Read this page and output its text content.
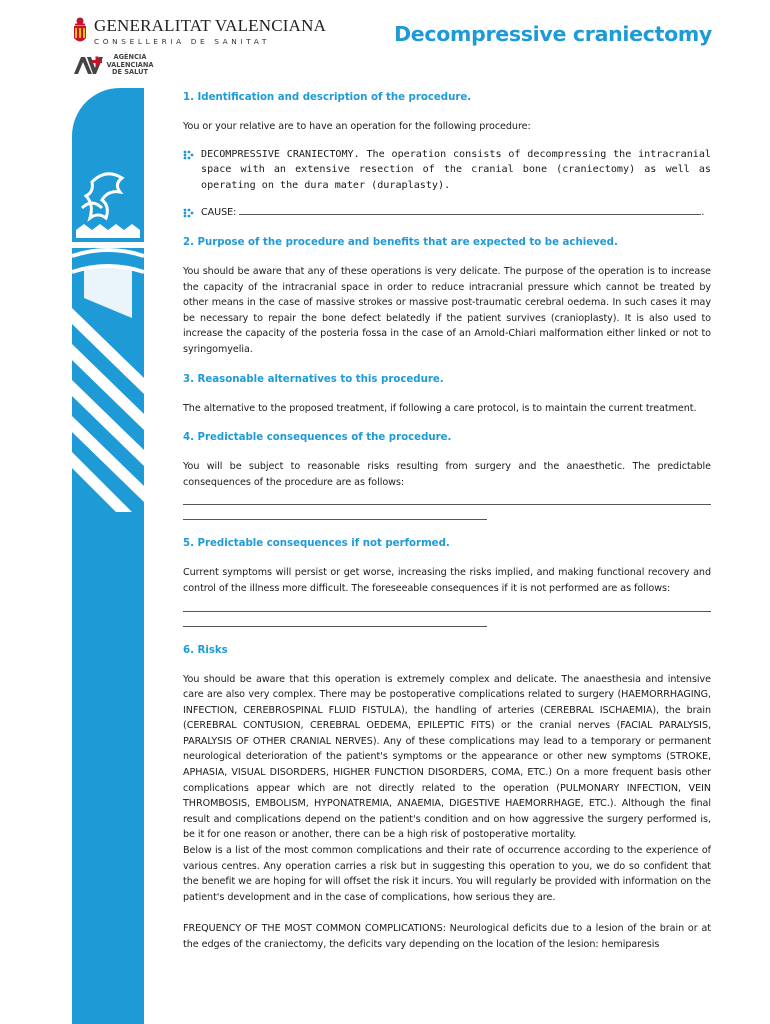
GENERALITAT VALENCIANA
CONSELLERIA DE SANITAT
AGÈNCIA
VALENCIANA
DE SALUT
Decompressive craniectomy
NEUROSURGERY
1. Identification and description of the procedure.

You or your relative are to have an operation for the following procedure:

DECOMPRESSIVE CRANIECTOMY. The operation consists of decompressing the intracranial space with an extensive resection of the cranial bone (craniectomy) as well as operating on the dura mater (duraplasty).

CAUSE:	.

2. Purpose of the procedure and benefits that are expected to be achieved.

You should be aware that any of these operations is very delicate. The purpose of the operation is to increase the capacity of the intracranial space in order to reduce intracranial pressure which cannot be treated by other means in the case of massive strokes or massive post-traumatic cerebral oedema. In such cases it may be necessary to repair the bone defect belatedly if the patient survives (cranioplasty). It is also used to increase the capacity of the posteria fossa in the case of an Arnold-Chiari malformation either linked or not to syringomyelia.

3. Reasonable alternatives to this procedure.

The alternative to the proposed treatment, if following a care protocol, is to maintain the current treatment.

4. Predictable consequences of the procedure.

You will be subject to reasonable risks resulting from surgery and the anaesthetic. The predictable consequences of the procedure are as follows:

5. Predictable consequences if not performed.

Current symptoms will persist or get worse, increasing the risks implied, and making functional recovery and control of the illness more difficult. The foreseeable consequences if it is not performed are as follows:

6. Risks

You should be aware that this operation is extremely complex and delicate. The anaesthesia and intensive care are also very complex. There may be postoperative complications related to surgery (HAEMORRHAGING, INFECTION, CEREBROSPINAL FLUID FISTULA), the handling of arteries (CEREBRAL ISCHAEMIA), the brain (CEREBRAL CONTUSION, CEREBRAL OEDEMA, EPILEPTIC FITS) or the cranial nerves (FACIAL PARALYSIS, PARALYSIS OF OTHER CRANIAL NERVES). Any of these complications may lead to a temporary or permanent neurological deterioration of the patient's symptoms or the appearance or other new symptoms (STROKE, APHASIA, VISUAL DISORDERS, HIGHER FUNCTION DISORDERS, COMA, ETC.) On a more frequent basis other complications appear which are not directly related to the operation (PULMONARY INFECTION, VEIN THROMBOSIS, EMBOLISM, HYPONATREMIA, ANAEMIA, DIGESTIVE HAEMORRHAGE, ETC.). Although the final result and complications depend on the patient's condition and on how aggressive the surgery performed is, be it for one reason or another, there can be a high risk of postoperative mortality.

Below is a list of the most common complications and their rate of occurrence according to the experience of various centres. Any operation carries a risk but in suggesting this operation to you, we do so confident that the benefit we are hoping for will offset the risk it incurs. You will regularly be provided with information on the patient's development and in the case of complications, how serious they are.

FREQUENCY OF THE MOST COMMON COMPLICATIONS: Neurological deficits due to a lesion of the brain or at the edges of the craniectomy, the deficits vary depending on the location of the lesion: hemiparesis
